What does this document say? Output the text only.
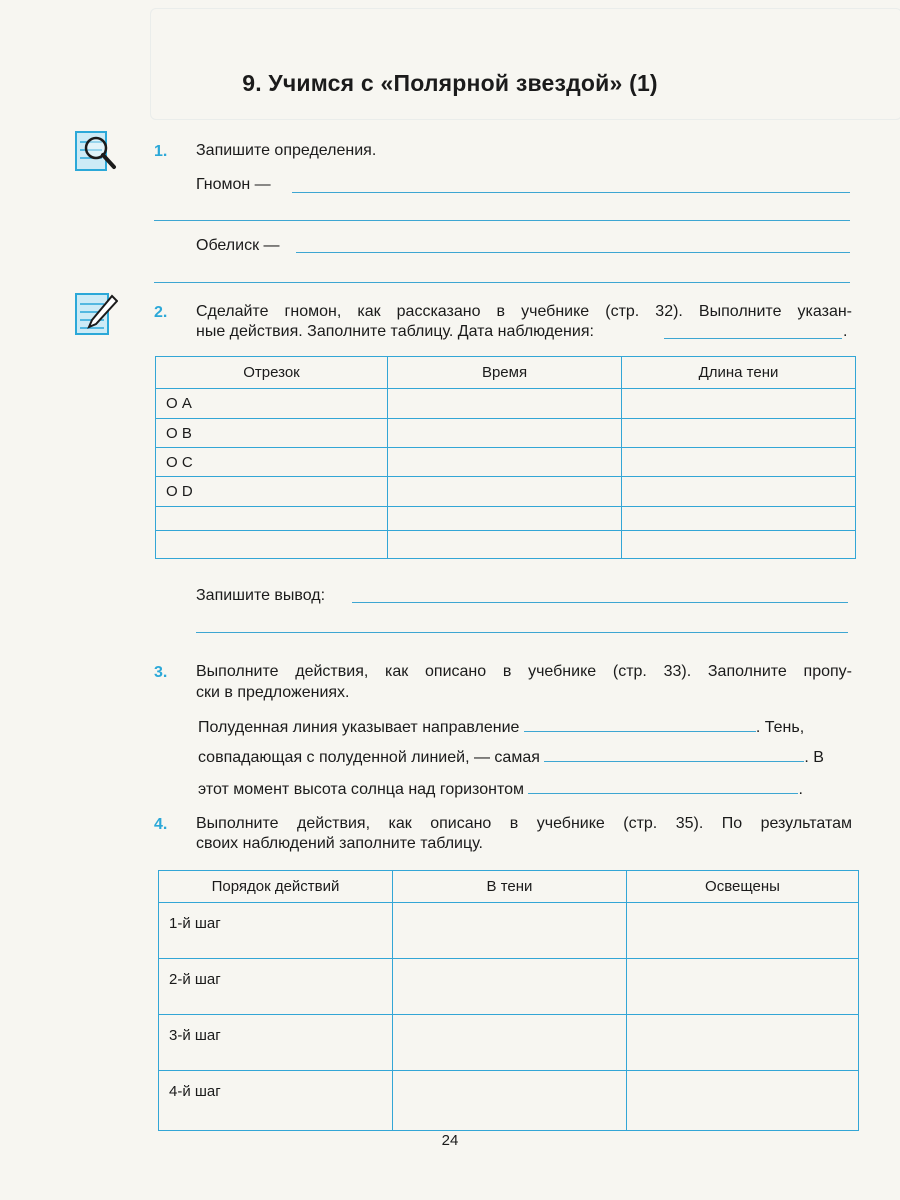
9. Учимся с «Полярной звездой» (1)
1. Запишите определения.
Гномон —
Обелиск —
2. Сделайте гномон, как рассказано в учебнике (стр. 32). Выполните указан-
ные действия. Заполните таблицу. Дата наблюдения:	.
Отрезок	Время	Длина тени
О А		
О В		
О С		
О D		

Запишите вывод:
3. Выполните действия, как описано в учебнике (стр. 33). Заполните пропу-
ски в предложениях.
Полуденная линия указывает направление	. Тень,
совпадающая с полуденной линией, — самая	. В
этот момент высота солнца над горизонтом	.
4. Выполните действия, как описано в учебнике (стр. 35). По результатам
своих наблюдений заполните таблицу.
Порядок действий	В тени	Освещены
1-й шаг		
2-й шаг		
3-й шаг		
4-й шаг		
24
